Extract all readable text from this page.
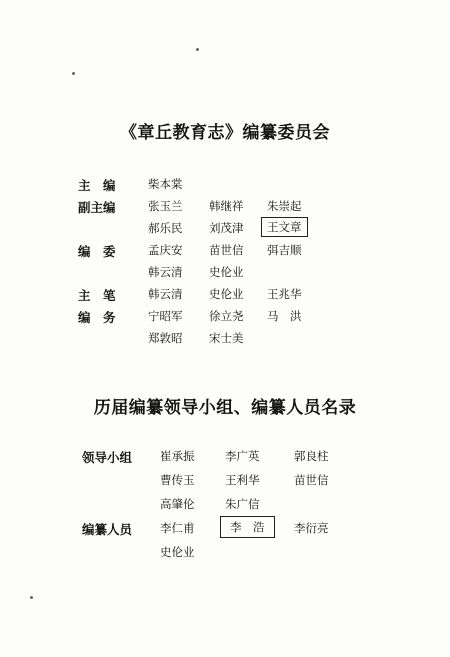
《章丘教育志》编纂委员会
主　编	柴本棠
副主编	张玉兰 韩继祥 朱崇起
郝乐民 刘茂津	王文章
编　委	孟庆安 苗世信 弭吉顺
韩云清 史伦业
主　笔	韩云清 史伦业 王兆华
编　务	宁昭军 徐立尧 马　洪
郑敦昭 宋士美
历届编纂领导小组、编纂人员名录
领导小组 崔承振	李广英	郭良柱
曹传玉	王利华	苗世信
高肇伦	朱广信
编纂人员 李仁甫	李　浩	李衍亮
史伦业
